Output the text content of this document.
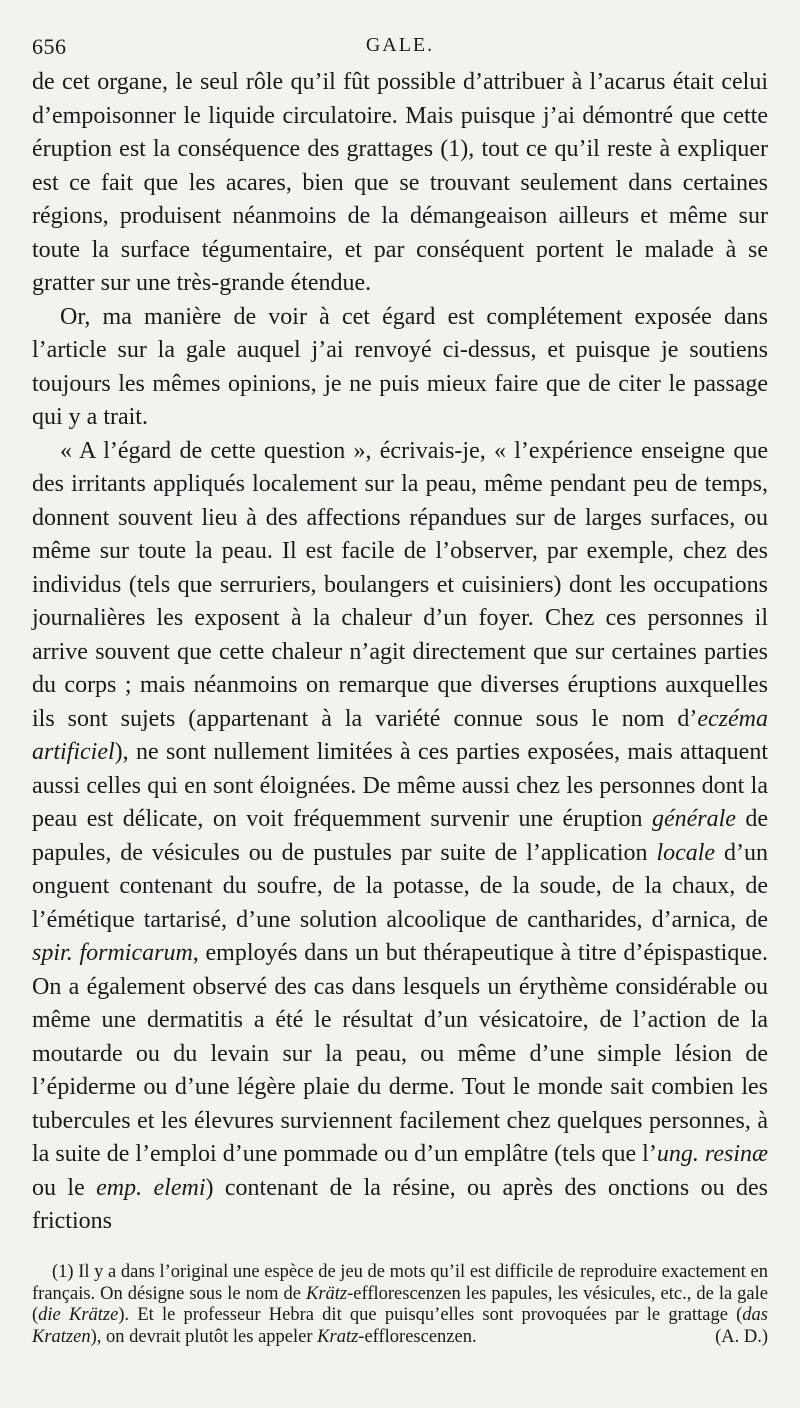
656	GALE.

de cet organe, le seul rôle qu’il fût possible d’attribuer à l’acarus était celui d’empoisonner le liquide circulatoire. Mais puisque j’ai démontré que cette éruption est la conséquence des grattages (1), tout ce qu’il reste à expliquer est ce fait que les acares, bien que se trouvant seulement dans certaines régions, produisent néanmoins de la démangeaison ailleurs et même sur toute la surface tégumentaire, et par conséquent portent le malade à se gratter sur une très-grande étendue.

Or, ma manière de voir à cet égard est complétement exposée dans l’article sur la gale auquel j’ai renvoyé ci-dessus, et puisque je soutiens toujours les mêmes opinions, je ne puis mieux faire que de citer le passage qui y a trait.

« A l’égard de cette question », écrivais-je, « l’expérience enseigne que des irritants appliqués localement sur la peau, même pendant peu de temps, donnent souvent lieu à des affections répandues sur de larges surfaces, ou même sur toute la peau. Il est facile de l’observer, par exemple, chez des individus (tels que serruriers, boulangers et cuisiniers) dont les occupations journalières les exposent à la chaleur d’un foyer. Chez ces personnes il arrive souvent que cette chaleur n’agit directement que sur certaines parties du corps ; mais néanmoins on remarque que diverses éruptions auxquelles ils sont sujets (appartenant à la variété connue sous le nom d’eczéma artificiel), ne sont nullement limitées à ces parties exposées, mais attaquent aussi celles qui en sont éloignées. De même aussi chez les personnes dont la peau est délicate, on voit fréquemment survenir une éruption générale de papules, de vésicules ou de pustules par suite de l’application locale d’un onguent contenant du soufre, de la potasse, de la soude, de la chaux, de l’émétique tartarisé, d’une solution alcoolique de cantharides, d’arnica, de spir. formicarum, employés dans un but thérapeutique à titre d’épispastique. On a également observé des cas dans lesquels un érythème considérable ou même une dermatitis a été le résultat d’un vésicatoire, de l’action de la moutarde ou du levain sur la peau, ou même d’une simple lésion de l’épiderme ou d’une légère plaie du derme. Tout le monde sait combien les tubercules et les élevures surviennent facilement chez quelques personnes, à la suite de l’emploi d’une pommade ou d’un emplâtre (tels que l’ung. resinæ ou le emp. elemi) contenant de la résine, ou après des onctions ou des frictions

(1) Il y a dans l’original une espèce de jeu de mots qu’il est difficile de reproduire exactement en français. On désigne sous le nom de Krätz-efflorescenzen les papules, les vésicules, etc., de la gale (die Krätze). Et le professeur Hebra dit que puisqu’elles sont provoquées par le grattage (das Kratzen), on devrait plutôt les appeler Kratz-efflorescenzen.	(A. D.)
